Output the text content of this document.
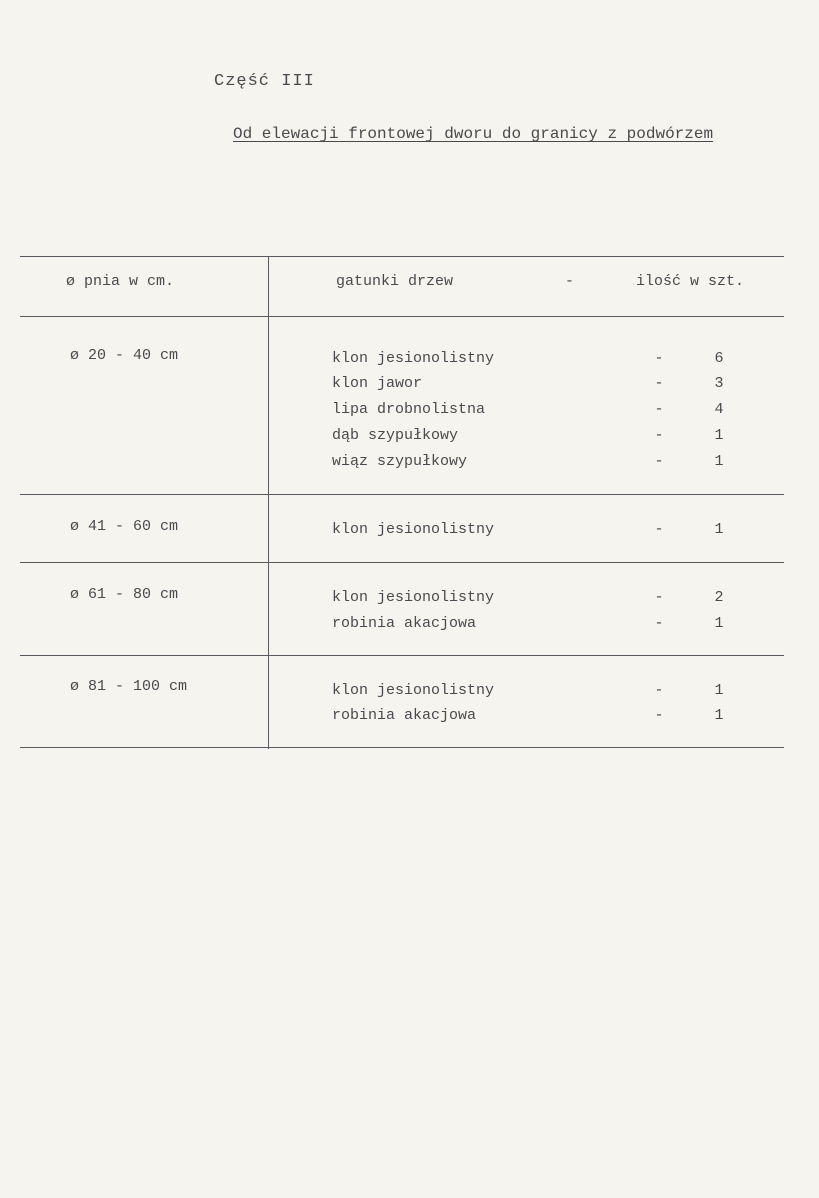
Część III
Od elewacji frontowej dworu do granicy z podwórzem
ø pnia w cm.	gatunki drzew	-	ilość w szt.
ø 20 - 40 cm	klon jesionolistny	-	6
klon jawor	-	3
lipa drobnolistna	-	4
dąb szypułkowy	-	1
wiąz szypułkowy	-	1
ø 41 - 60 cm	klon jesionolistny	-	1
ø 61 - 80 cm	klon jesionolistny	-	2
robinia akacjowa	-	1
ø 81 - 100 cm	klon jesionolistny	-	1
robinia akacjowa	-	1
